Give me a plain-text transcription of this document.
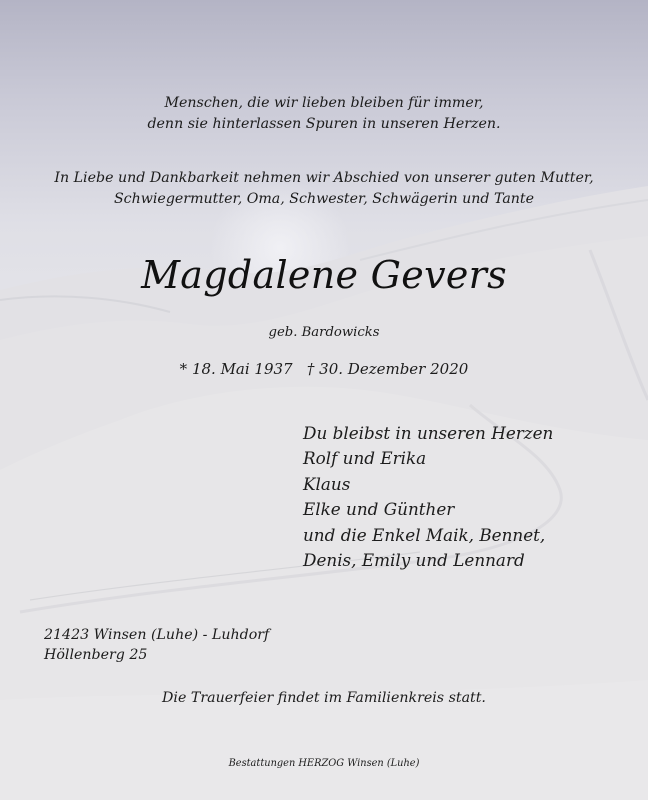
Menschen, die wir lieben bleiben für immer,
denn sie hinterlassen Spuren in unseren Herzen.
In Liebe und Dankbarkeit nehmen wir Abschied von unserer guten Mutter,
Schwiegermutter, Oma, Schwester, Schwägerin und Tante
Magdalene Gevers
geb. Bardowicks
* 18. Mai 1937   † 30. Dezember 2020
Du bleibst in unseren Herzen
Rolf und Erika
Klaus
Elke und Günther
und die Enkel Maik, Bennet,
Denis, Emily und Lennard
21423 Winsen (Luhe) - Luhdorf
Höllenberg 25
Die Trauerfeier findet im Familienkreis statt.
Bestattungen HERZOG Winsen (Luhe)
